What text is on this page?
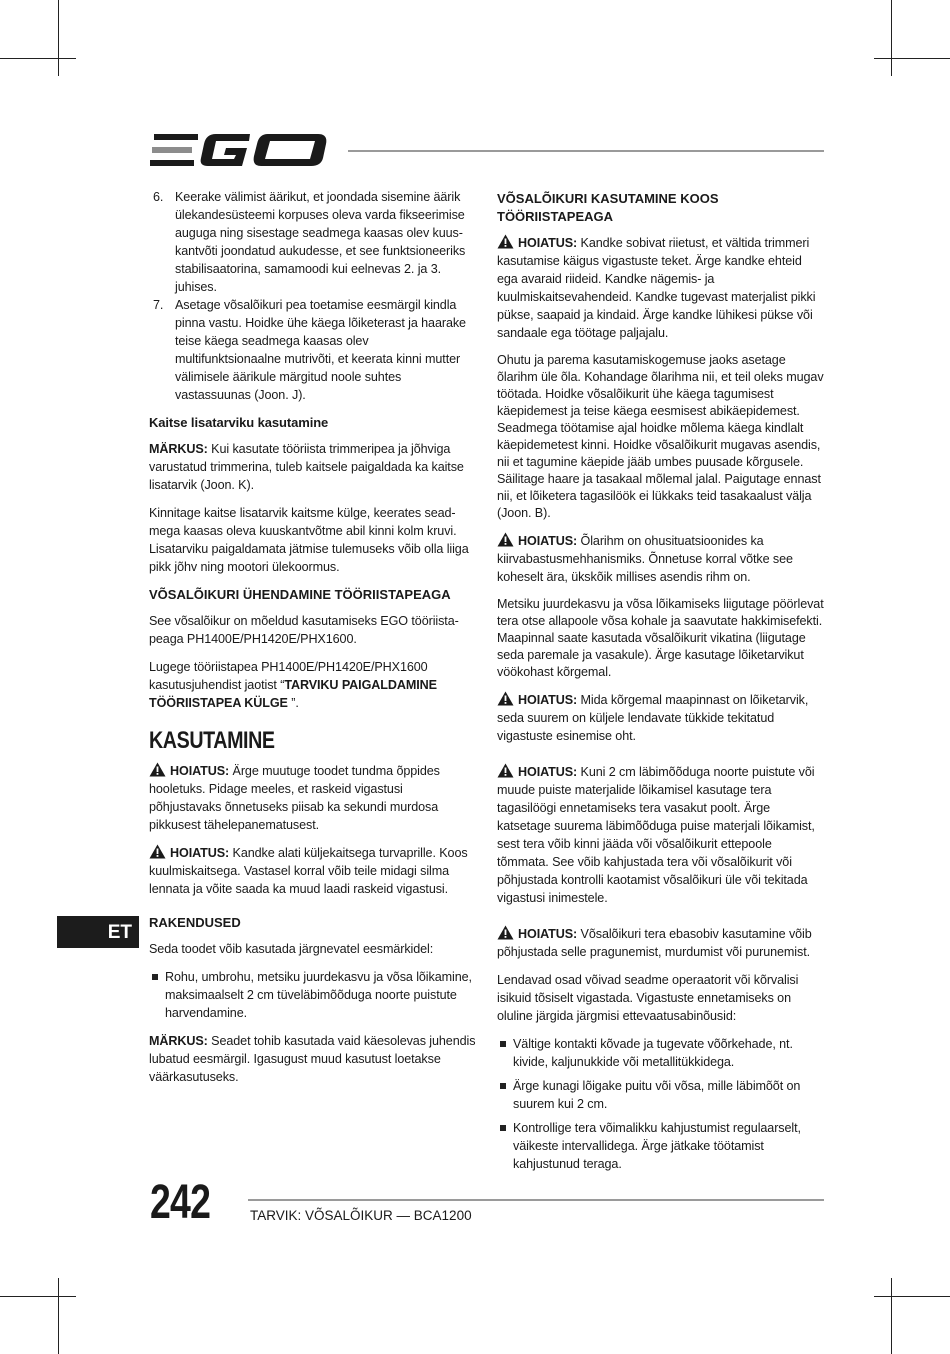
6. Keerake välimist äärikut, et joondada sisemine äärik ülekandesüsteemi korpuses oleva varda fikseerimise auguga ning sisestage seadmega kaasas olev kuuskantvõti joondatud aukudesse, et see funktsioneeriks stabilisaatorina, samamoodi kui eelnevas 2. ja 3. juhises.
7. Asetage võsalõikuri pea toetamise eesmärgil kindla pinna vastu. Hoidke ühe käega lõiketerast ja haarake teise käega seadmega kaasas olev multifunktsionaalne mutrivõti, et keerata kinni mutter välimisele äärikule märgitud noole suhtes vastassuunas (Joon. J).
Kaitse lisatarviku kasutamine

MÄRKUS: Kui kasutate tööriista trimmeripea ja jõhviga varustatud trimmerina, tuleb kaitsele paigaldada ka kaitse lisatarvik (Joon. K).

Kinnitage kaitse lisatarvik kaitsme külge, keerates seadmega kaasas oleva kuuskantvõtme abil kinni kolm kruvi. Lisatarviku paigaldamata jätmise tulemuseks võib olla liiga pikk jõhv ning mootori ülekoormus.

VÕSALÕIKURI ÜHENDAMINE TÖÖRIISTAPEAGA

See võsalõikur on mõeldud kasutamiseks EGO tööriistapeaga PH1400E/PH1420E/PHX1600.

Lugege tööriistapea PH1400E/PH1420E/PHX1600 kasutusjuhendist jaotist “TARVIKU PAIGALDAMINE TÖÖRIISTAPEA KÜLGE ”.

KASUTAMINE

HOIATUS: Ärge muutuge toodet tundma õppides hooletuks. Pidage meeles, et raskeid vigastusi põhjustavaks õnnetuseks piisab ka sekundi murdosa pikkusest tähelepanematusest.

HOIATUS: Kandke alati küljekaitsega turvaprille. Koos kuulmiskaitsega. Vastasel korral võib teile midagi silma lennata ja võite saada ka muud laadi raskeid vigastusi.

RAKENDUSED

Seda toodet võib kasutada järgnevatel eesmärkidel:

Rohu, umbrohu, metsiku juurdekasvu ja võsa lõikamine, maksimaalselt 2 cm tüveläbimõõduga noorte puistute harvendamine.

MÄRKUS: Seadet tohib kasutada vaid käesolevas juhendis lubatud eesmärgil. Igasugust muud kasutust loetakse väärkasutuseks.

VÕSALÕIKURI KASUTAMINE KOOS TÖÖRIISTAPEAGA

HOIATUS: Kandke sobivat riietust, et vältida trimmeri kasutamise käigus vigastuste teket. Ärge kandke ehteid ega avaraid riideid. Kandke nägemis- ja kuulmiskaitsevahendeid. Kandke tugevast materjalist pikki pükse, saapaid ja kindaid. Ärge kandke lühikesi pükse või sandaale ega töötage paljajalu.

Ohutu ja parema kasutamiskogemuse jaoks asetage õlarihm üle õla. Kohandage õlarihma nii, et teil oleks mugav töötada. Hoidke võsalõikurit ühe käega tagumisest käepidemest ja teise käega eesmisest abikäepidemest. Seadmega töötamise ajal hoidke mõlema käega kindlalt käepidemetest kinni. Hoidke võsalõikurit mugavas asendis, nii et tagumine käepide jääb umbes puusade kõrgusele. Säilitage haare ja tasakaal mõlemal jalal. Paigutage ennast nii, et lõiketera tagasilöök ei lükkaks teid tasakaalust välja (Joon. B).

HOIATUS: Õlarihm on ohusituatsioonides ka kiirvabastusmehhanismiks. Õnnetuse korral võtke see koheselt ära, ükskõik millises asendis rihm on.

Metsiku juurdekasvu ja võsa lõikamiseks liigutage pöörlevat tera otse allapoole võsa kohale ja saavutate hakkimisefekti. Maapinnal saate kasutada võsalõikurit vikatina (liigutage seda paremale ja vasakule). Ärge kasutage lõiketarvikut vöökohast kõrgemal.

HOIATUS: Mida kõrgemal maapinnast on lõiketarvik, seda suurem on küljele lendavate tükkide tekitatud vigastuste esinemise oht.

HOIATUS: Kuni 2 cm läbimõõduga noorte puistute või muude puiste materjalide lõikamisel kasutage tera tagasilöögi ennetamiseks tera vasakut poolt. Ärge katsetage suurema läbimõõduga puise materjali lõikamist, sest tera võib kinni jääda või võsalõikurit ettepoole tõmmata. See võib kahjustada tera või võsalõikurit või põhjustada kontrolli kaotamist võsalõikuri üle või tekitada vigastusi inimestele.

HOIATUS: Võsalõikuri tera ebasobiv kasutamine võib põhjustada selle pragunemist, murdumist või purunemist.

Lendavad osad võivad seadme operaatorit või kõrvalisi isikuid tõsiselt vigastada. Vigastuste ennetamiseks on oluline järgida järgmisi ettevaatusabinõusid:

Vältige kontakti kõvade ja tugevate võõrkehade, nt. kivide, kaljunukkide või metallitükkidega.
Ärge kunagi lõigake puitu või võsa, mille läbimõõt on suurem kui 2 cm.
Kontrollige tera võimalikku kahjustumist regulaarselt, väikeste intervallidega. Ärge jätkake töötamist kahjustunud teraga.
ET
242	TARVIK: VÕSALÕIKUR — BCA1200
